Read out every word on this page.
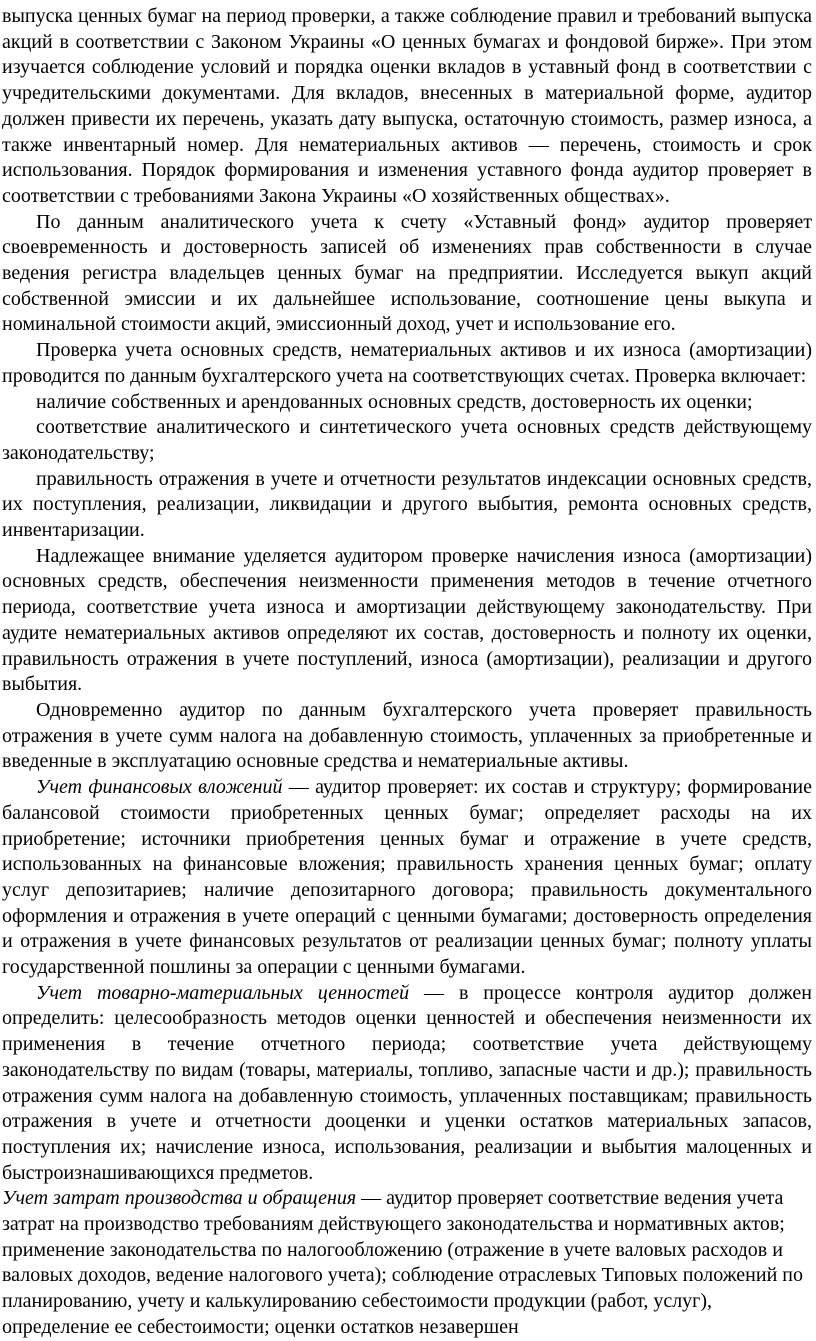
выпуска ценных бумаг на период проверки, а также соблюдение правил и требований выпуска акций в соответствии с Законом Украины «О ценных бумагах и фондовой бирже». При этом изучается соблюдение условий и порядка оценки вкладов в уставный фонд в соответствии с учредительскими документами. Для вкладов, внесенных в материальной форме, аудитор должен привести их перечень, указать дату выпуска, остаточную стоимость, размер износа, а также инвентарный номер. Для нематериальных активов — перечень, стоимость и срок использования. Порядок формирования и изменения уставного фонда аудитор проверяет в соответствии с требованиями Закона Украины «О хозяйственных обществах».

По данным аналитического учета к счету «Уставный фонд» аудитор проверяет своевременность и достоверность записей об изменениях прав собственности в случае ведения регистра владельцев ценных бумаг на предприятии. Исследуется выкуп акций собственной эмиссии и их дальнейшее использование, соотношение цены выкупа и номинальной стоимости акций, эмиссионный доход, учет и использование его.

Проверка учета основных средств, нематериальных активов и их износа (амортизации) проводится по данным бухгалтерского учета на соответствующих счетах. Проверка включает:

наличие собственных и арендованных основных средств, достоверность их оценки;

соответствие аналитического и синтетического учета основных средств действующему законодательству;

правильность отражения в учете и отчетности результатов индексации основных средств, их поступления, реализации, ликвидации и другого выбытия, ремонта основных средств, инвентаризации.

Надлежащее внимание уделяется аудитором проверке начисления износа (амортизации) основных средств, обеспечения неизменности применения методов в течение отчетного периода, соответствие учета износа и амортизации действующему законодательству. При аудите нематериальных активов определяют их состав, достоверность и полноту их оценки, правильность отражения в учете поступлений, износа (амортизации), реализации и другого выбытия.

Одновременно аудитор по данным бухгалтерского учета проверяет правильность отражения в учете сумм налога на добавленную стоимость, уплаченных за приобретенные и введенные в эксплуатацию основные средства и нематериальные активы.

Учет финансовых вложений — аудитор проверяет: их состав и структуру; формирование балансовой стоимости приобретенных ценных бумаг; определяет расходы на их приобретение; источники приобретения ценных бумаг и отражение в учете средств, использованных на финансовые вложения; правильность хранения ценных бумаг; оплату услуг депозитариев; наличие депозитарного договора; правильность документального оформления и отражения в учете операций с ценными бумагами; достоверность определения и отражения в учете финансовых результатов от реализации ценных бумаг; полноту уплаты государственной пошлины за операции с ценными бумагами.

Учет товарно-материальных ценностей — в процессе контроля аудитор должен определить: целесообразность методов оценки ценностей и обеспечения неизменности их применения в течение отчетного периода; соответствие учета действующему законодательству по видам (товары, материалы, топливо, запасные части и др.); правильность отражения сумм налога на добавленную стоимость, уплаченных поставщикам; правильность отражения в учете и отчетности дооценки и уценки остатков материальных запасов, поступления их; начисление износа, использования, реализации и выбытия малоценных и быстроизнашивающихся предметов.

Учет затрат производства и обращения — аудитор проверяет соответствие ведения учета затрат на производство требованиям действующего законодательства и нормативных актов; применение законодательства по налогообложению (отражение в учете валовых расходов и валовых доходов, ведение налогового учета); соблюдение отраслевых Типовых положений по планированию, учету и калькулированию себестоимости продукции (работ, услуг), определение ее себестоимости; оценки остатков незавершен
